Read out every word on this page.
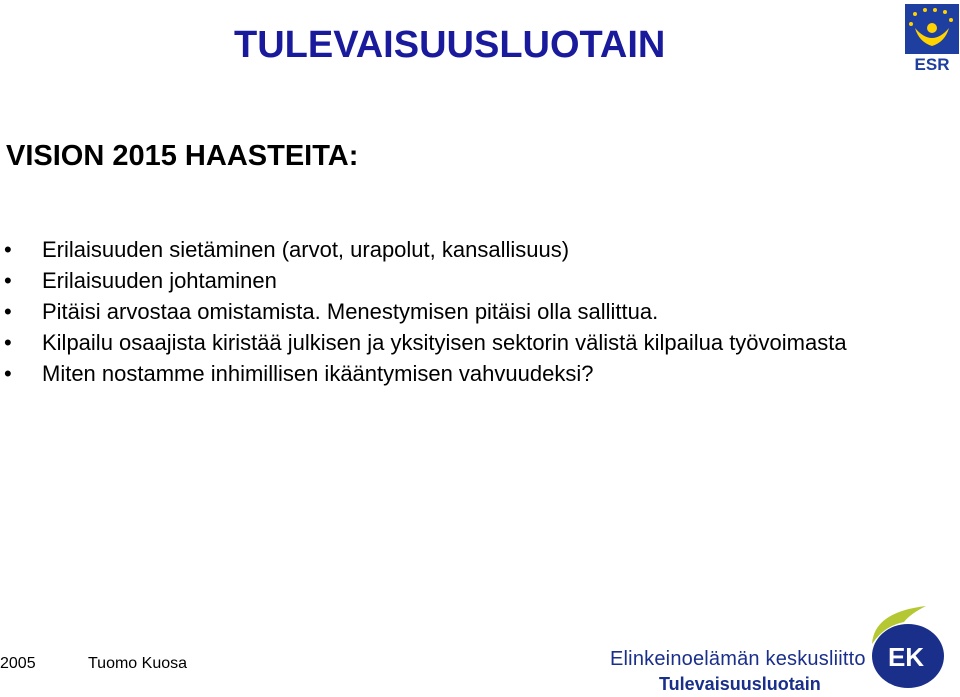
TULEVAISUUSLUOTAIN	ESR
VISION 2015 HAASTEITA:
• Erilaisuuden sietäminen (arvot, urapolut, kansallisuus)
• Erilaisuuden johtaminen
• Pitäisi arvostaa omistamista. Menestymisen pitäisi olla sallittua.
• Kilpailu osaajista kiristää julkisen ja yksityisen sektorin välistä kilpailua työvoimasta
• Miten nostamme inhimillisen ikääntymisen vahvuudeksi?
2005	Tuomo Kuosa	Elinkeinoelämän keskusliitto
Tulevaisuusluotain
EK
